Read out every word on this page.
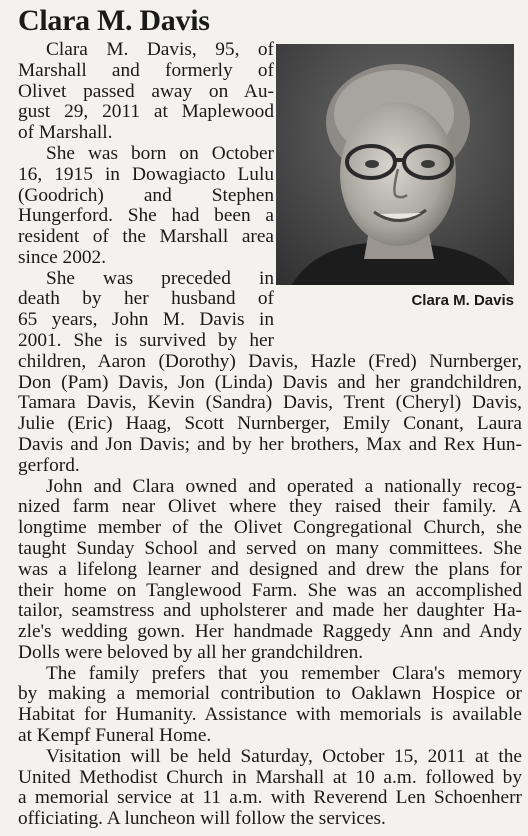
Clara M. Davis
Clara M. Davis
Clara M. Davis, 95, of
Marshall and formerly of
Olivet passed away on Au-
gust 29, 2011 at Maplewood
of Marshall.
She was born on October
16, 1915 in Dowagiacto Lulu
(Goodrich) and Stephen
Hungerford. She had been a
resident of the Marshall area
since 2002.
She was preceded in
death by her husband of
65 years, John M. Davis in
2001. She is survived by her
children, Aaron (Dorothy) Davis, Hazle (Fred) Nurnberger,
Don (Pam) Davis, Jon (Linda) Davis and her grandchildren,
Tamara Davis, Kevin (Sandra) Davis, Trent (Cheryl) Davis,
Julie (Eric) Haag, Scott Nurnberger, Emily Conant, Laura
Davis and Jon Davis; and by her brothers, Max and Rex Hun-
gerford.
John and Clara owned and operated a nationally recog-
nized farm near Olivet where they raised their family. A
longtime member of the Olivet Congregational Church, she
taught Sunday School and served on many committees. She
was a lifelong learner and designed and drew the plans for
their home on Tanglewood Farm. She was an accomplished
tailor, seamstress and upholsterer and made her daughter Ha-
zle's wedding gown. Her handmade Raggedy Ann and Andy
Dolls were beloved by all her grandchildren.
The family prefers that you remember Clara's memory
by making a memorial contribution to Oaklawn Hospice or
Habitat for Humanity. Assistance with memorials is available
at Kempf Funeral Home.
Visitation will be held Saturday, October 15, 2011 at the
United Methodist Church in Marshall at 10 a.m. followed by
a memorial service at 11 a.m. with Reverend Len Schoenherr
officiating. A luncheon will follow the services.
